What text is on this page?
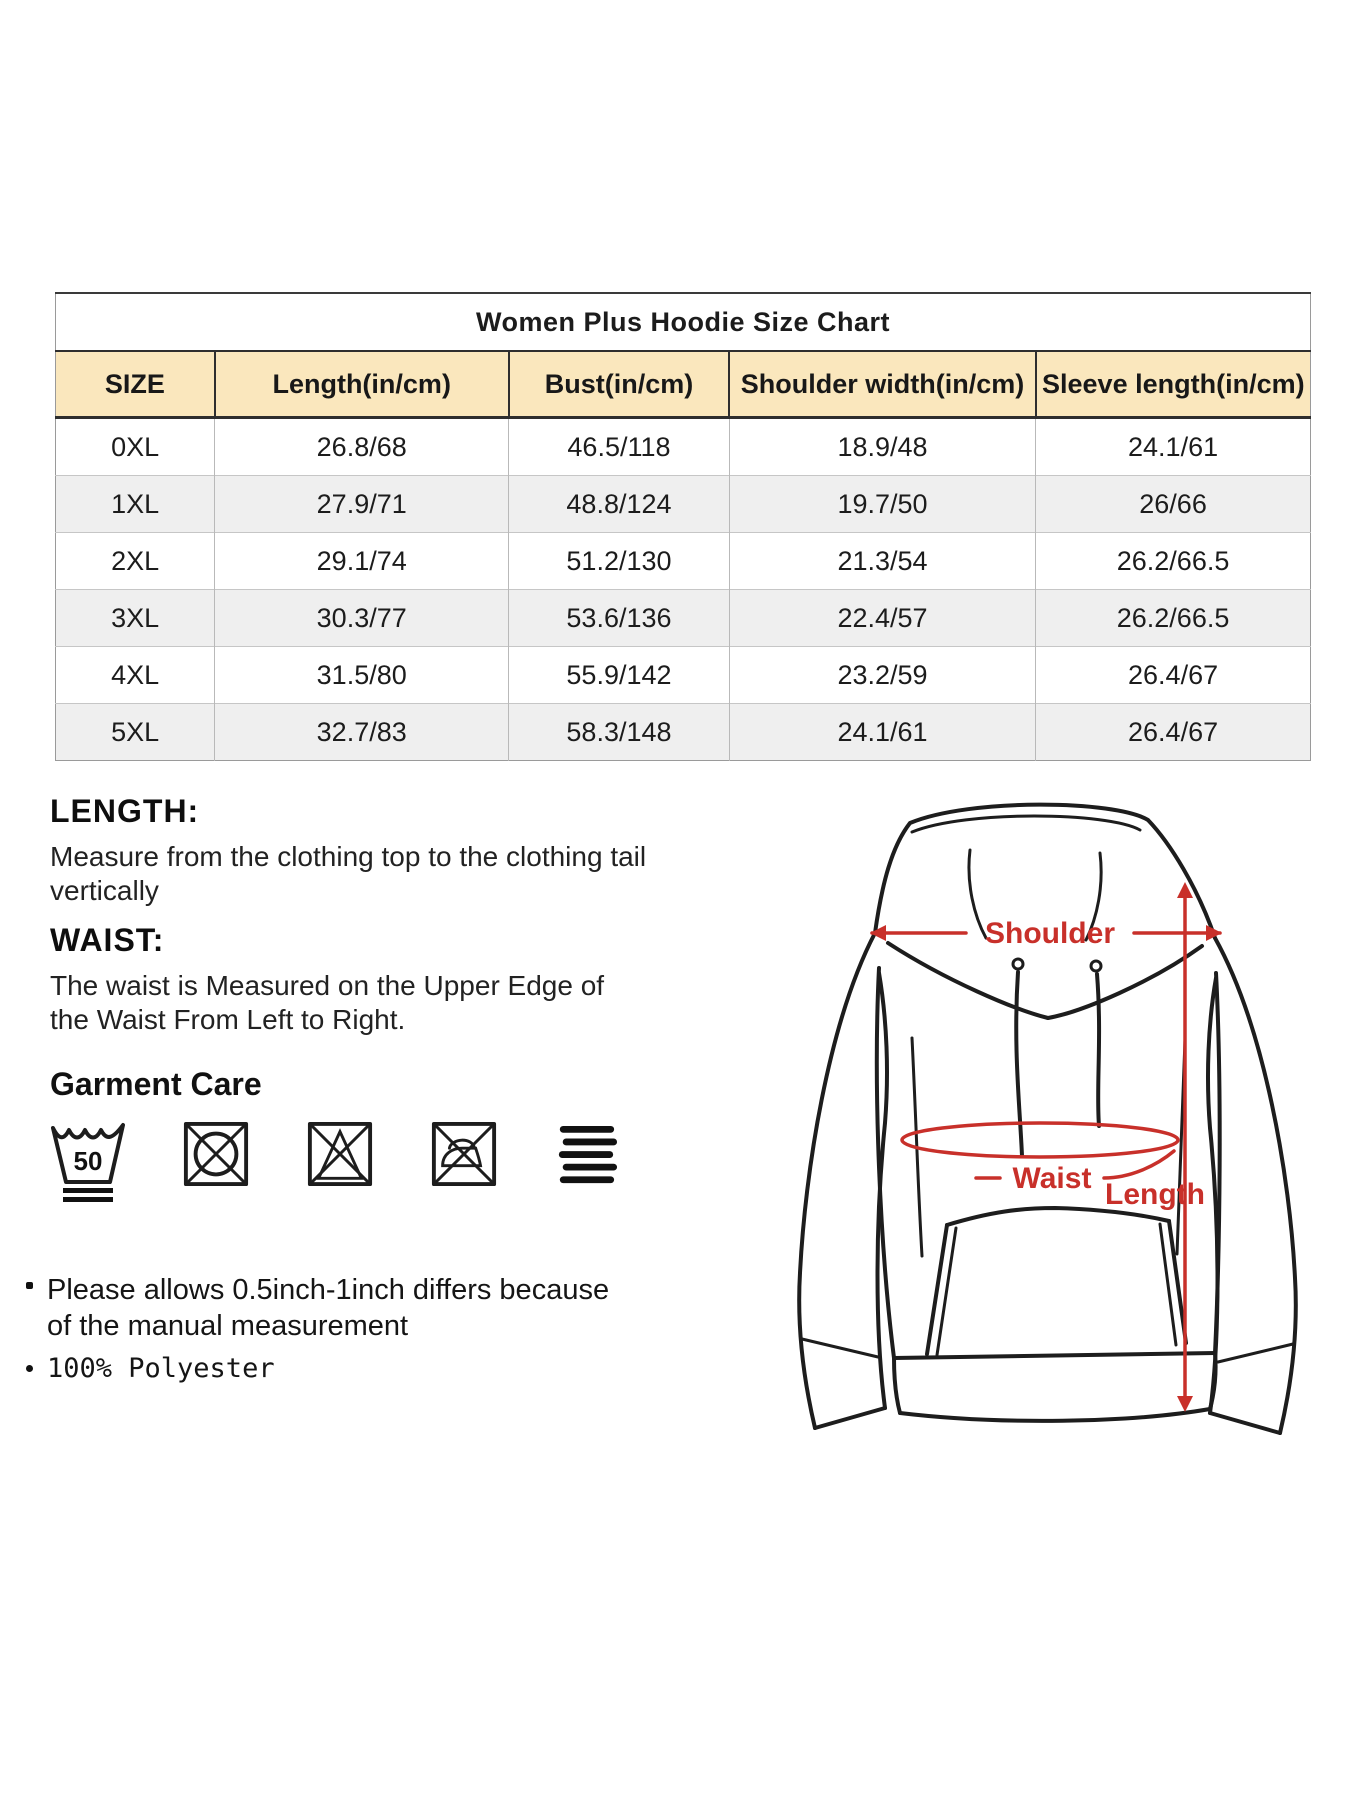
Women Plus Hoodie Size Chart				
SIZE	Length(in/cm)	Bust(in/cm)	Shoulder width(in/cm)	Sleeve length(in/cm)
0XL	26.8/68	46.5/118	18.9/48	24.1/61
1XL	27.9/71	48.8/124	19.7/50	26/66
2XL	29.1/74	51.2/130	21.3/54	26.2/66.5
3XL	30.3/77	53.6/136	22.4/57	26.2/66.5
4XL	31.5/80	55.9/142	23.2/59	26.4/67
5XL	32.7/83	58.3/148	24.1/61	26.4/67
LENGTH:
Measure from the clothing top to the clothing tail vertically
WAIST:
The waist is Measured on the Upper Edge of the Waist From Left to Right.
Garment Care
50
Please allows 0.5inch-1inch differs because of the manual measurement
100% Polyester
Shoulder
Length
Waist
